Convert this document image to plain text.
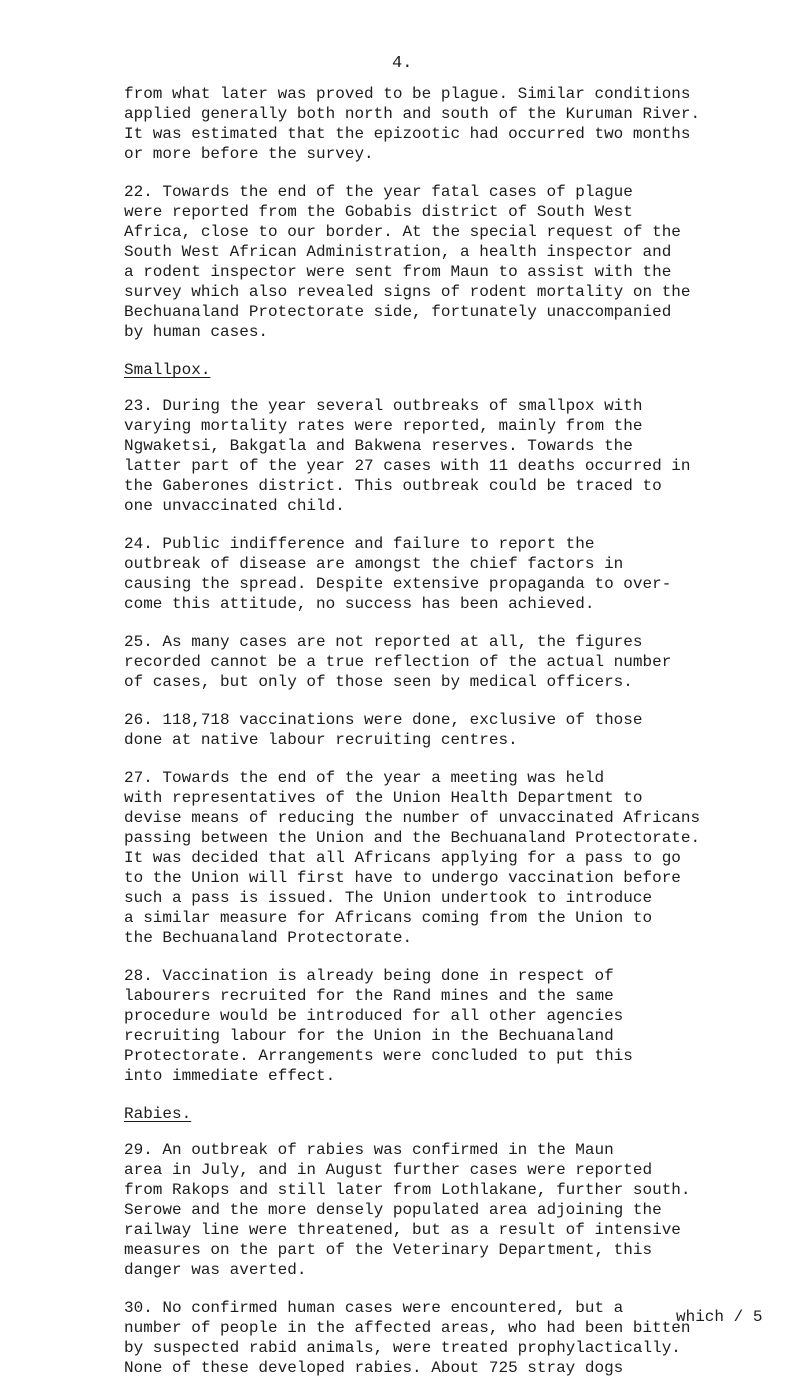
4.

from what later was proved to be plague. Similar conditions
applied generally both north and south of the Kuruman River.
It was estimated that the epizootic had occurred two months
or more before the survey.

22. Towards the end of the year fatal cases of plague
were reported from the Gobabis district of South West
Africa, close to our border. At the special request of the
South West African Administration, a health inspector and
a rodent inspector were sent from Maun to assist with the
survey which also revealed signs of rodent mortality on the
Bechuanaland Protectorate side, fortunately unaccompanied
by human cases.

Smallpox.

23. During the year several outbreaks of smallpox with
varying mortality rates were reported, mainly from the
Ngwaketsi, Bakgatla and Bakwena reserves. Towards the
latter part of the year 27 cases with 11 deaths occurred in
the Gaberones district. This outbreak could be traced to
one unvaccinated child.

24. Public indifference and failure to report the
outbreak of disease are amongst the chief factors in
causing the spread. Despite extensive propaganda to over-
come this attitude, no success has been achieved.

25. As many cases are not reported at all, the figures
recorded cannot be a true reflection of the actual number
of cases, but only of those seen by medical officers.

26. 118,718 vaccinations were done, exclusive of those
done at native labour recruiting centres.

27. Towards the end of the year a meeting was held
with representatives of the Union Health Department to
devise means of reducing the number of unvaccinated Africans
passing between the Union and the Bechuanaland Protectorate.
It was decided that all Africans applying for a pass to go
to the Union will first have to undergo vaccination before
such a pass is issued. The Union undertook to introduce
a similar measure for Africans coming from the Union to
the Bechuanaland Protectorate.

28. Vaccination is already being done in respect of
labourers recruited for the Rand mines and the same
procedure would be introduced for all other agencies
recruiting labour for the Union in the Bechuanaland
Protectorate. Arrangements were concluded to put this
into immediate effect.

Rabies.

29. An outbreak of rabies was confirmed in the Maun
area in July, and in August further cases were reported
from Rakops and still later from Lothlakane, further south.
Serowe and the more densely populated area adjoining the
railway line were threatened, but as a result of intensive
measures on the part of the Veterinary Department, this
danger was averted.

30. No confirmed human cases were encountered, but a
number of people in the affected areas, who had been bitten
by suspected rabid animals, were treated prophylactically.
None of these developed rabies. About 725 stray dogs

which / 5
